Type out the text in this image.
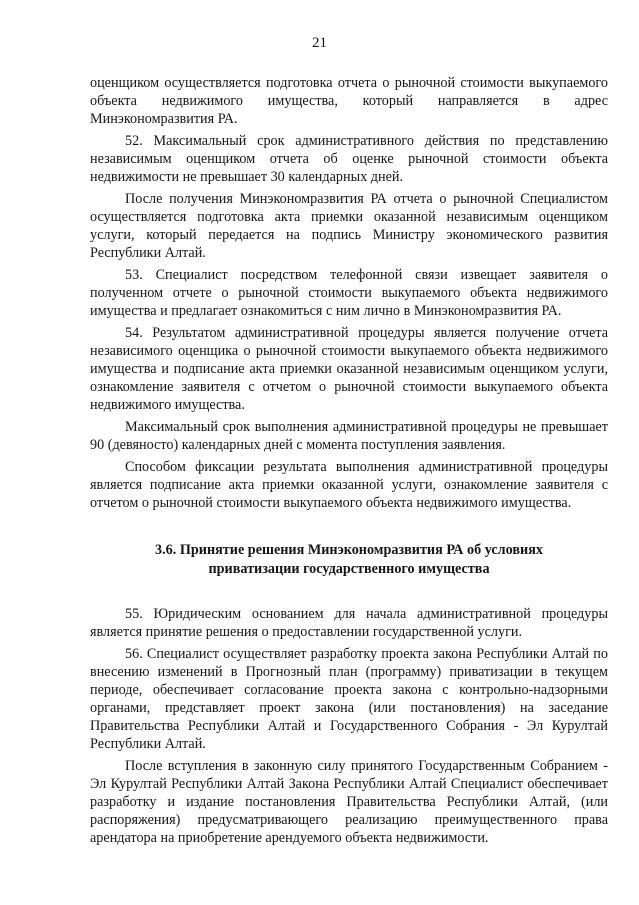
21

оценщиком осуществляется подготовка отчета о рыночной стоимости выкупаемого объекта недвижимого имущества, который направляется в адрес Минэкономразвития РА.

52. Максимальный срок административного действия по представлению независимым оценщиком отчета об оценке рыночной стоимости объекта недвижимости не превышает 30 календарных дней.

После получения Минэкономразвития РА отчета о рыночной Специалистом осуществляется подготовка акта приемки оказанной независимым оценщиком услуги, который передается на подпись Министру экономического развития Республики Алтай.

53. Специалист посредством телефонной связи извещает заявителя о полученном отчете о рыночной стоимости выкупаемого объекта недвижимого имущества и предлагает ознакомиться с ним лично в Минэкономразвития РА.

54. Результатом административной процедуры является получение отчета независимого оценщика о рыночной стоимости выкупаемого объекта недвижимого имущества и подписание акта приемки оказанной независимым оценщиком услуги, ознакомление заявителя с отчетом о рыночной стоимости выкупаемого объекта недвижимого имущества.

Максимальный срок выполнения административной процедуры не превышает 90 (девяносто) календарных дней с момента поступления заявления.

Способом фиксации результата выполнения административной процедуры является подписание акта приемки оказанной услуги, ознакомление заявителя с отчетом о рыночной стоимости выкупаемого объекта недвижимого имущества.

3.6. Принятие решения Минэкономразвития РА об условиях
приватизации государственного имущества

55. Юридическим основанием для начала административной процедуры является принятие решения о предоставлении государственной услуги.

56. Специалист осуществляет разработку проекта закона Республики Алтай по внесению изменений в Прогнозный план (программу) приватизации в текущем периоде, обеспечивает согласование проекта закона с контрольно-надзорными органами, представляет проект закона (или постановления) на заседание Правительства Республики Алтай и Государственного Собрания - Эл Курултай Республики Алтай.

После вступления в законную силу принятого Государственным Собранием - Эл Курултай Республики Алтай Закона Республики Алтай Специалист обеспечивает разработку и издание постановления Правительства Республики Алтай, (или распоряжения) предусматривающего реализацию преимущественного права арендатора на приобретение арендуемого объекта недвижимости.
